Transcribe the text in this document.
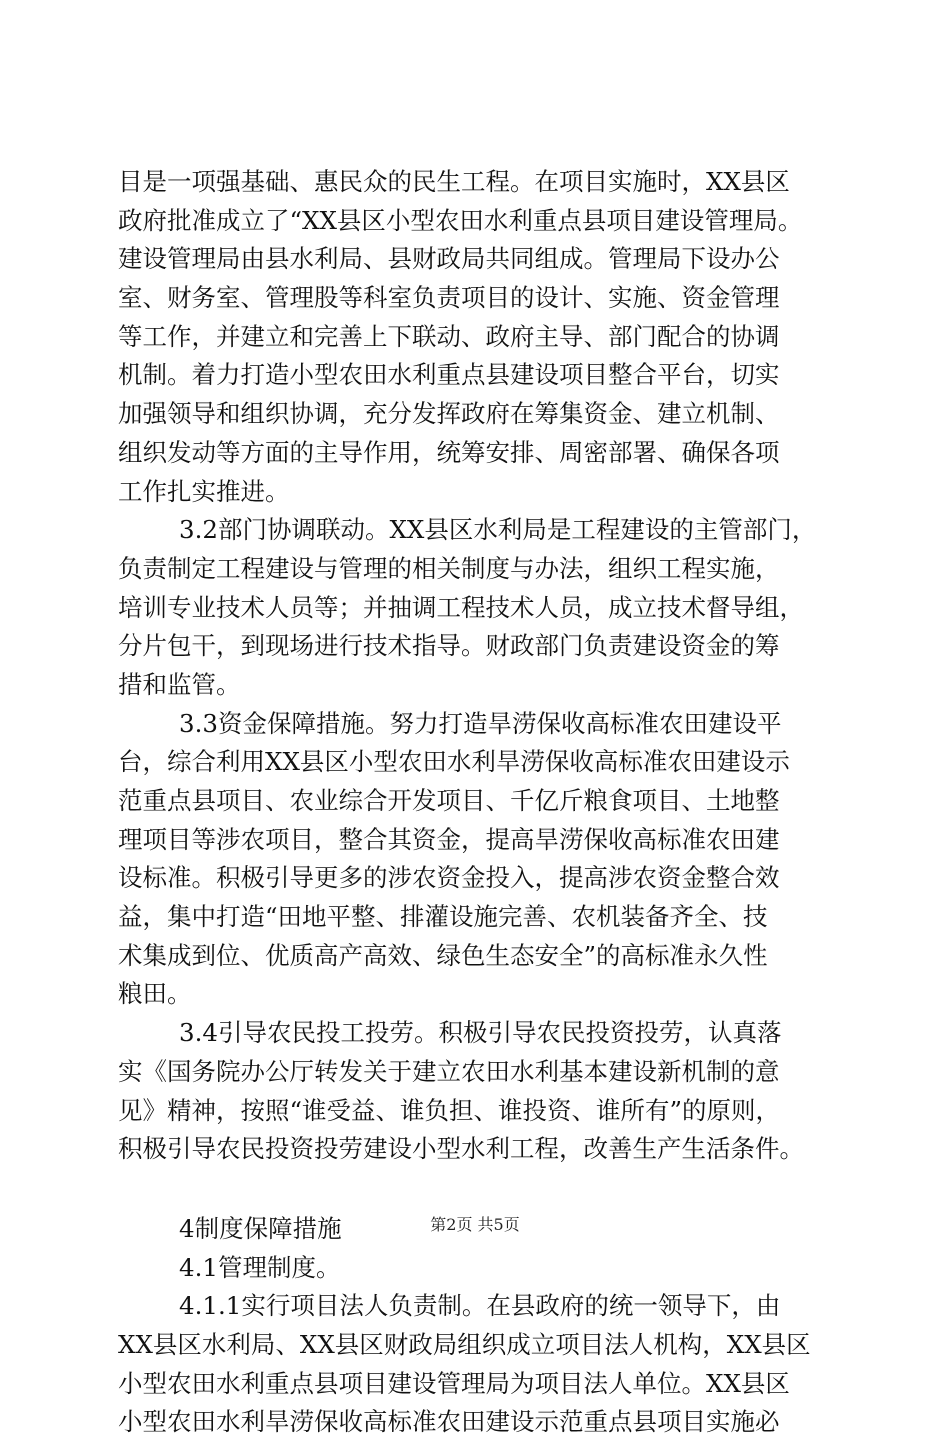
目是一项强基础、惠民众的民生工程。在项目实施时，XX县区
政府批准成立了“XX县区小型农田水利重点县项目建设管理局。
建设管理局由县水利局、县财政局共同组成。管理局下设办公
室、财务室、管理股等科室负责项目的设计、实施、资金管理
等工作，并建立和完善上下联动、政府主导、部门配合的协调
机制。着力打造小型农田水利重点县建设项目整合平台，切实
加强领导和组织协调，充分发挥政府在筹集资金、建立机制、
组织发动等方面的主导作用，统筹安排、周密部署、确保各项
工作扎实推进。
3.2部门协调联动。XX县区水利局是工程建设的主管部门，
负责制定工程建设与管理的相关制度与办法，组织工程实施，
培训专业技术人员等；并抽调工程技术人员，成立技术督导组，
分片包干，到现场进行技术指导。财政部门负责建设资金的筹
措和监管。
3.3资金保障措施。努力打造旱涝保收高标准农田建设平
台，综合利用XX县区小型农田水利旱涝保收高标准农田建设示
范重点县项目、农业综合开发项目、千亿斤粮食项目、土地整
理项目等涉农项目，整合其资金，提高旱涝保收高标准农田建
设标准。积极引导更多的涉农资金投入，提高涉农资金整合效
益，集中打造“田地平整、排灌设施完善、农机装备齐全、技
术集成到位、优质高产高效、绿色生态安全”的高标准永久性
粮田。
3.4引导农民投工投劳。积极引导农民投资投劳，认真落
实《国务院办公厅转发关于建立农田水利基本建设新机制的意
见》精神，按照“谁受益、谁负担、谁投资、谁所有”的原则，
积极引导农民投资投劳建设小型水利工程，改善生产生活条件。
4制度保障措施
4.1管理制度。
4.1.1实行项目法人负责制。在县政府的统一领导下，由
XX县区水利局、XX县区财政局组织成立项目法人机构，XX县区
小型农田水利重点县项目建设管理局为项目法人单位。XX县区
小型农田水利旱涝保收高标准农田建设示范重点县项目实施必
第2页 共5页
